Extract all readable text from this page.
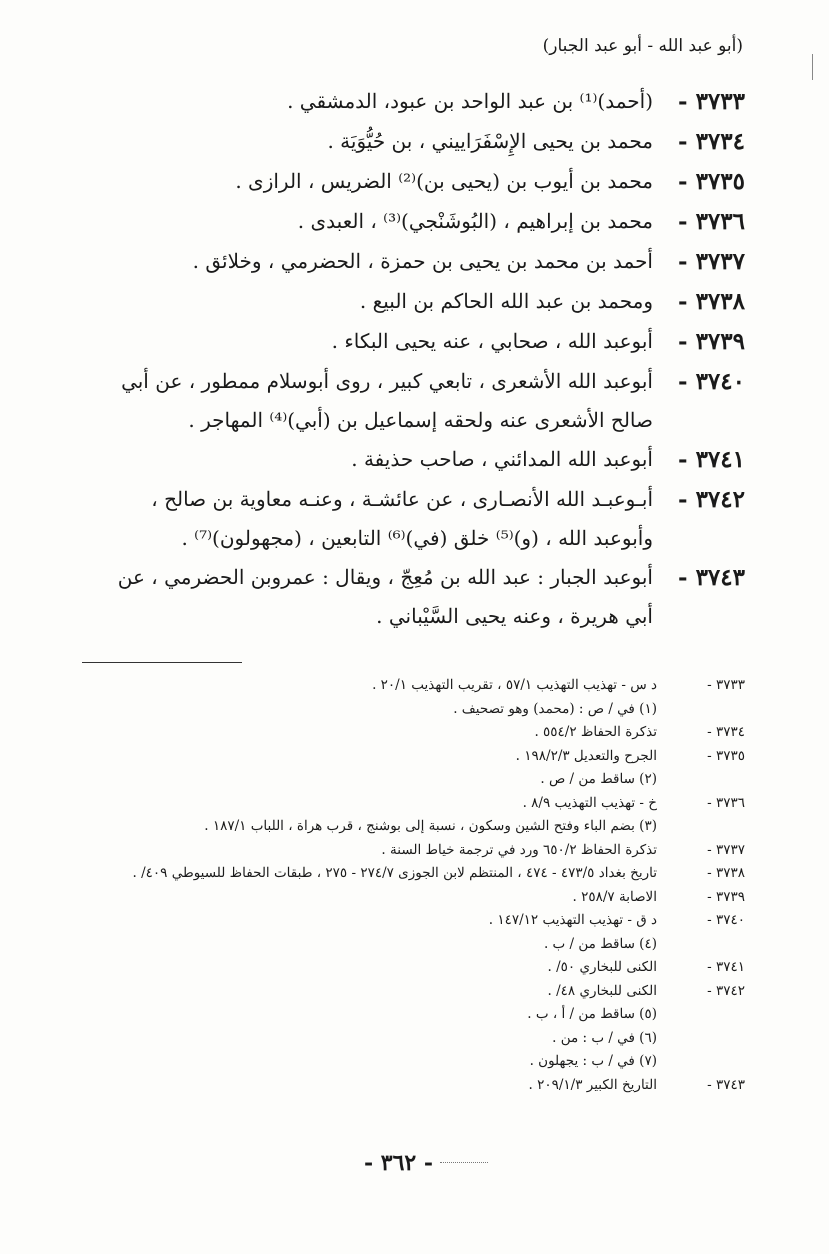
(أبو عبد الله - أبو عبد الجبار)
٣٧٣٣ -
(أحمد)⁽¹⁾ بن عبد الواحد بن عبود، الدمشقي .
٣٧٣٤ -
محمد بن يحيى الإِسْفَرَاييني ، بن حُيُّوَيَة .
٣٧٣٥ -
محمد بن أيوب بن (يحيى بن)⁽²⁾ الضريس ، الرازى .
٣٧٣٦ -
محمد بن إبراهيم ، (البُوشَنْجي)⁽³⁾ ، العبدى .
٣٧٣٧ -
أحمد بن محمد بن يحيى بن حمزة ، الحضرمي ، وخلائق .
٣٧٣٨ -
ومحمد بن عبد الله الحاكم بن البيع .
٣٧٣٩ -
أبوعبد الله ، صحابي ، عنه يحيى البكاء .
٣٧٤٠ -
أبوعبد الله الأشعرى ، تابعي كبير ، روى أبوسلام ممطور ، عن أبي صالح الأشعرى عنه ولحقه إسماعيل بن (أبي)⁽⁴⁾ المهاجر .
٣٧٤١ -
أبوعبد الله المدائني ، صاحب حذيفة .
٣٧٤٢ -
أبـوعبـد الله الأنصـارى ، عن عائشـة ، وعنـه معاوية بن صالح ، وأبوعبد الله ، (و)⁽⁵⁾ خلق (في)⁽⁶⁾ التابعين ، (مجهولون)⁽⁷⁾ .
٣٧٤٣ -
أبوعبد الجبار : عبد الله بن مُعِجّ ، ويقال : عمروبن الحضرمي ، عن أبي هريرة ، وعنه يحيى السَّيْباني .
٣٧٣٣ -
د س - تهذيب التهذيب ٥٧/١ ، تقريب التهذيب ٢٠/١ .
(١) في / ص : (محمد) وهو تصحيف .
٣٧٣٤ -
تذكرة الحفاظ ٥٥٤/٢ .
٣٧٣٥ -
الجرح والتعديل ١٩٨/٢/٣ .
(٢) ساقط من / ص .
٣٧٣٦ -
خ - تهذيب التهذيب ٨/٩ .
(٣) بضم الباء وفتح الشين وسكون ، نسبة إلى بوشنج ، قرب هراة ، اللباب ١٨٧/١ .
٣٧٣٧ -
تذكرة الحفاظ ٦٥٠/٢ ورد في ترجمة خياط السنة .
٣٧٣٨ -
تاريخ بغداد ٤٧٣/٥ - ٤٧٤ ، المنتظم لابن الجوزى ٢٧٤/٧ - ٢٧٥ ، طبقات الحفاظ للسيوطي ٤٠٩/ .
٣٧٣٩ -
الاصابة ٢٥٨/٧ .
٣٧٤٠ -
د ق - تهذيب التهذيب ١٤٧/١٢ .
(٤) ساقط من / ب .
٣٧٤١ -
الكنى للبخاري ٥٠/ .
٣٧٤٢ -
الكنى للبخاري ٤٨/ .
(٥) ساقط من / أ ، ب .
(٦) في / ب : من .
(٧) في / ب : يجهلون .
٣٧٤٣ -
التاريخ الكبير ٢٠٩/١/٣ .
- ٣٦٢ -
